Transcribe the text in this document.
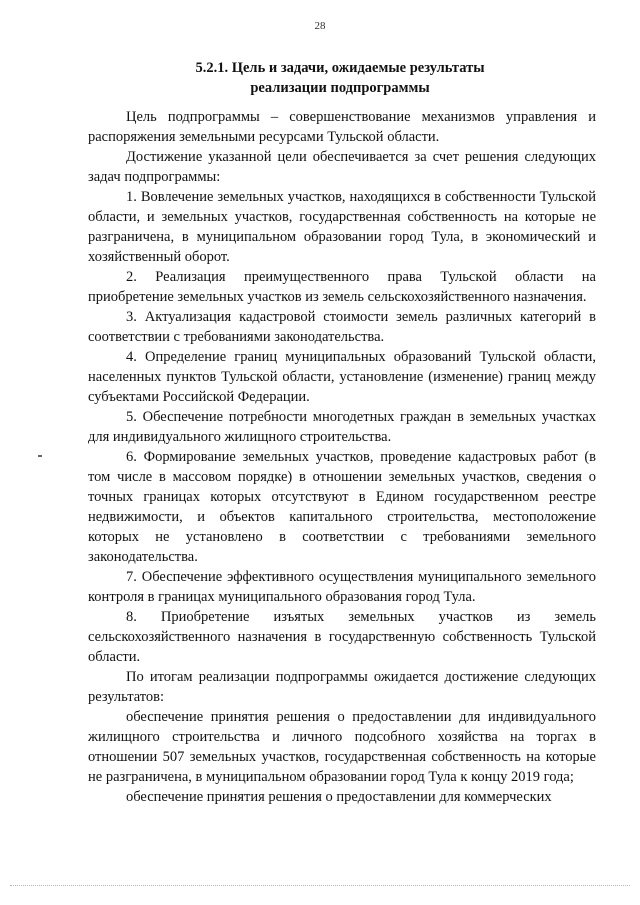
28
5.2.1. Цель и задачи, ожидаемые результаты
реализации подпрограммы

Цель подпрограммы – совершенствование механизмов управления и распоряжения земельными ресурсами Тульской области.

Достижение указанной цели обеспечивается за счет решения следующих задач подпрограммы:

1. Вовлечение земельных участков, находящихся в собственности Тульской области, и земельных участков, государственная собственность на которые не разграничена, в муниципальном образовании город Тула, в экономический и хозяйственный оборот.

2. Реализация преимущественного права Тульской области на приобретение земельных участков из земель сельскохозяйственного назначения.

3. Актуализация кадастровой стоимости земель различных категорий в соответствии с требованиями законодательства.

4. Определение границ муниципальных образований Тульской области, населенных пунктов Тульской области, установление (изменение) границ между субъектами Российской Федерации.

5. Обеспечение потребности многодетных граждан в земельных участках для индивидуального жилищного строительства.

6. Формирование земельных участков, проведение кадастровых работ (в том числе в массовом порядке) в отношении земельных участков, сведения о точных границах которых отсутствуют в Едином государственном реестре недвижимости, и объектов капитального строительства, местоположение которых не установлено в соответствии с требованиями земельного законодательства.

7. Обеспечение эффективного осуществления муниципального земельного контроля в границах муниципального образования город Тула.

8. Приобретение изъятых земельных участков из земель сельскохозяйственного назначения в государственную собственность Тульской области.

По итогам реализации подпрограммы ожидается достижение следующих результатов:

обеспечение принятия решения о предоставлении для индивидуального жилищного строительства и личного подсобного хозяйства на торгах в отношении 507 земельных участков, государственная собственность на которые не разграничена, в муниципальном образовании город Тула к концу 2019 года;

обеспечение принятия решения о предоставлении для коммерческих
